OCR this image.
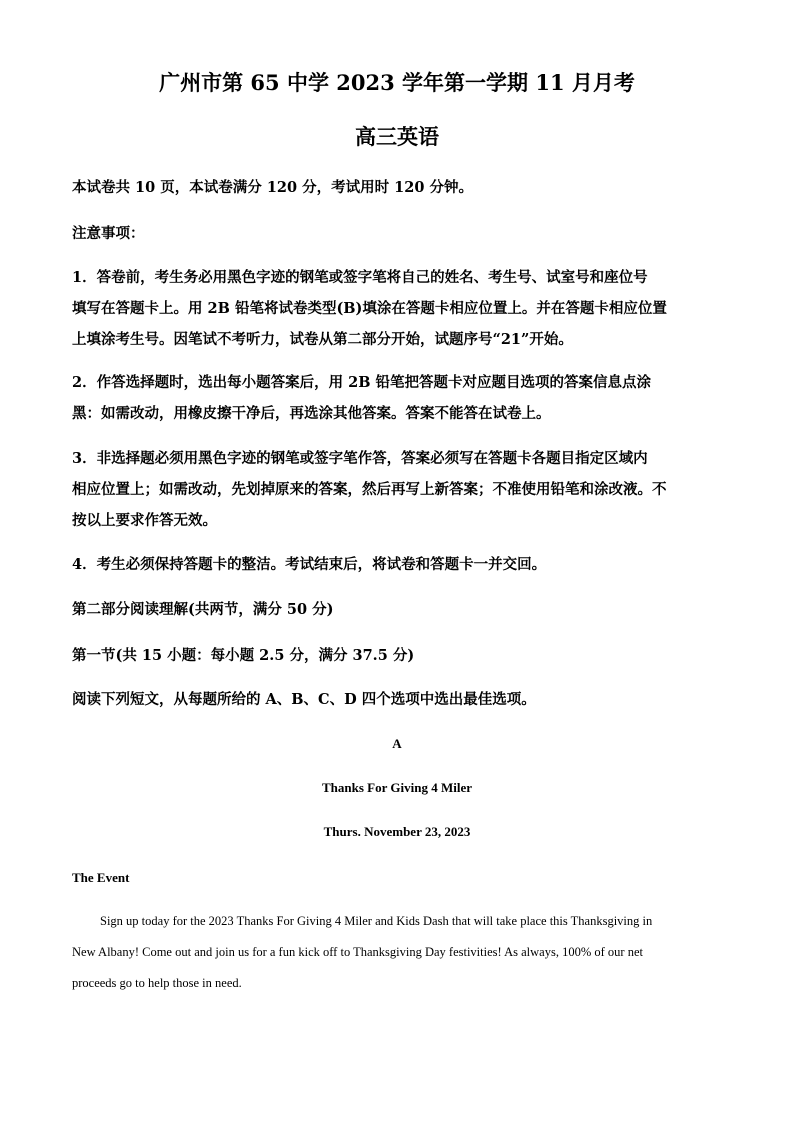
广州市第 65 中学 2023 学年第一学期 11 月月考
高三英语
本试卷共 10 页，本试卷满分 120 分，考试用时 120 分钟。
注意事项：
1．答卷前，考生务必用黑色字迹的钢笔或签字笔将自己的姓名、考生号、试室号和座位号
填写在答题卡上。用 2B 铅笔将试卷类型(B)填涂在答题卡相应位置上。并在答题卡相应位置
上填涂考生号。因笔试不考听力，试卷从第二部分开始，试题序号“21”开始。
2．作答选择题时，选出每小题答案后，用 2B 铅笔把答题卡对应题目选项的答案信息点涂
黑：如需改动，用橡皮擦干净后，再选涂其他答案。答案不能答在试卷上。
3．非选择题必须用黑色字迹的钢笔或签字笔作答，答案必须写在答题卡各题目指定区域内
相应位置上；如需改动，先划掉原来的答案，然后再写上新答案；不准使用铅笔和涂改液。不
按以上要求作答无效。
4．考生必须保持答题卡的整洁。考试结束后，将试卷和答题卡一并交回。
第二部分阅读理解(共两节，满分 50 分)
第一节(共 15 小题：每小题 2.5 分，满分 37.5 分)
阅读下列短文，从每题所给的 A、B、C、D 四个选项中选出最佳选项。
A
Thanks For Giving 4 Miler
Thurs. November 23, 2023
The Event
Sign up today for the 2023 Thanks For Giving 4 Miler and Kids Dash that will take place this Thanksgiving in
New Albany! Come out and join us for a fun kick off to Thanksgiving Day festivities! As always, 100% of our net
proceeds go to help those in need.
